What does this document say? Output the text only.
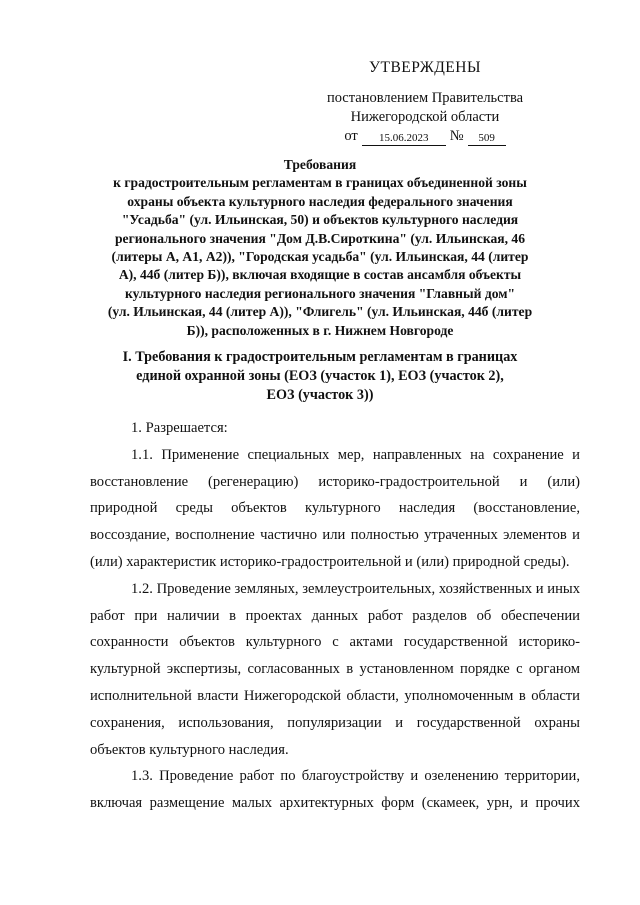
УТВЕРЖДЕНЫ
постановлением Правительства
Нижегородской области
от	15.06.2023	№	509
Требования
к градостроительным регламентам в границах объединенной зоны
охраны объекта культурного наследия федерального значения
"Усадьба" (ул. Ильинская, 50) и объектов культурного наследия
регионального значения "Дом Д.В.Сироткина" (ул. Ильинская, 46
(литеры А, А1, А2)), "Городская усадьба" (ул. Ильинская, 44 (литер
А), 44б (литер Б)), включая входящие в состав ансамбля объекты
культурного наследия регионального значения "Главный дом"
(ул. Ильинская, 44 (литер А)), "Флигель" (ул. Ильинская, 44б (литер
Б)), расположенных в г. Нижнем Новгороде
I. Требования к градостроительным регламентам в границах
единой охранной зоны (ЕОЗ (участок 1), ЕОЗ (участок 2),
ЕОЗ (участок 3))

1. Разрешается:

1.1. Применение специальных мер, направленных на сохранение и восстановление (регенерацию) историко-градостроительной и (или) природной среды объектов культурного наследия (восстановление, воссоздание, восполнение частично или полностью утраченных элементов и (или) характеристик историко-градостроительной и (или) природной среды).

1.2. Проведение земляных, землеустроительных, хозяйственных и иных работ при наличии в проектах данных работ разделов об обеспечении сохранности объектов культурного с актами государственной историко-культурной экспертизы, согласованных в установленном порядке с органом исполнительной власти Нижегородской области, уполномоченным в области сохранения, использования, популяризации и государственной охраны объектов культурного наследия.

1.3. Проведение работ по благоустройству и озеленению территории, включая размещение малых архитектурных форм (скамеек, урн, и прочих
